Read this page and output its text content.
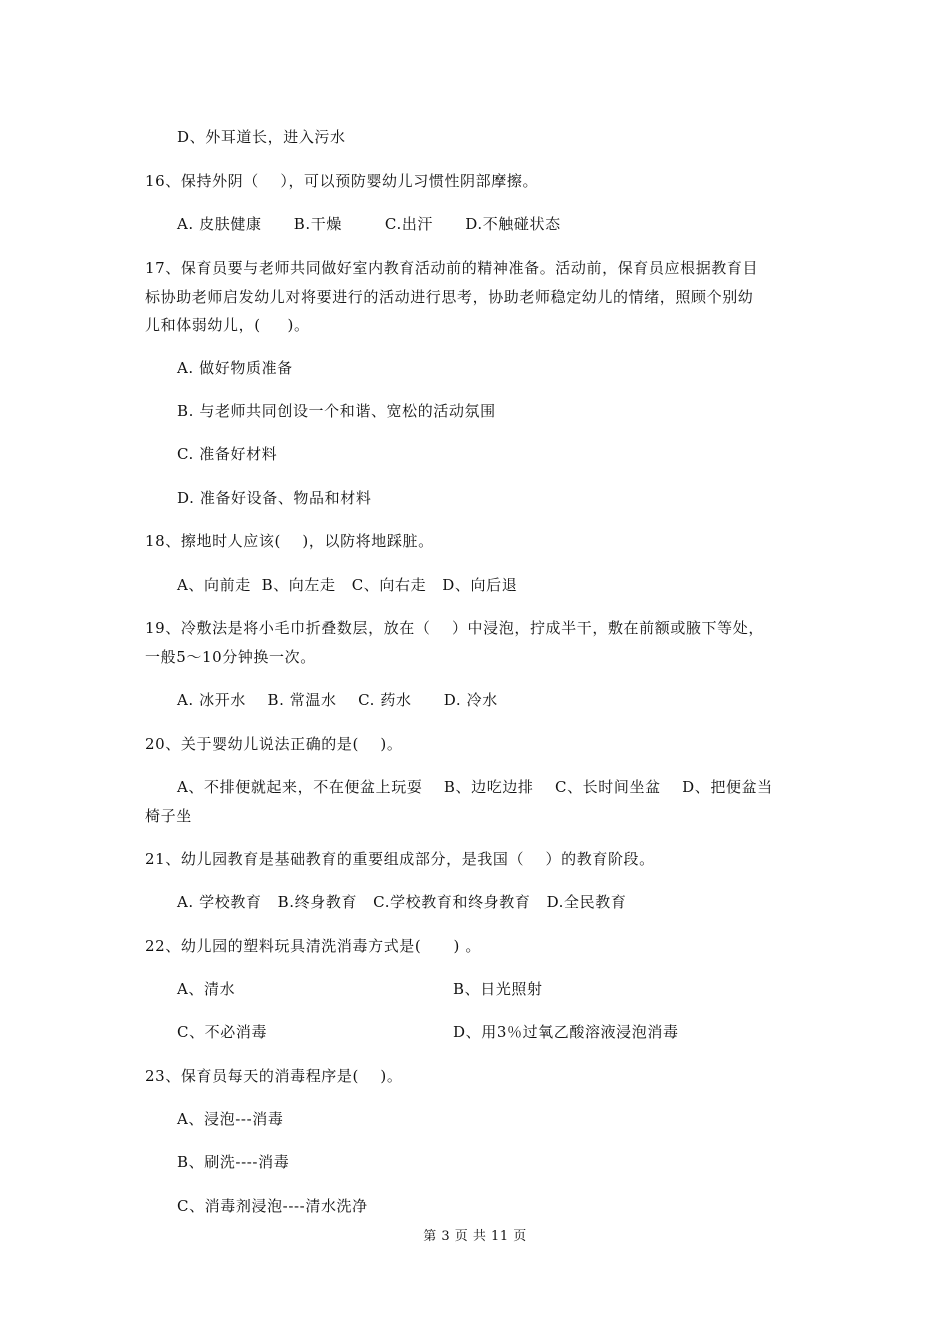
D、外耳道长，进入污水
16、保持外阴（    ），可以预防婴幼儿习惯性阴部摩擦。
A. 皮肤健康      B.干燥        C.出汗      D.不触碰状态
17、保育员要与老师共同做好室内教育活动前的精神准备。活动前，保育员应根据教育目
标协助老师启发幼儿对将要进行的活动进行思考，协助老师稳定幼儿的情绪，照顾个别幼
儿和体弱幼儿，(     )。
A. 做好物质准备
B. 与老师共同创设一个和谐、宽松的活动氛围
C. 准备好材料
D. 准备好设备、物品和材料
18、擦地时人应该(    )，以防将地踩脏。
A、向前走  B、向左走   C、向右走   D、向后退
19、冷敷法是将小毛巾折叠数层，放在（    ）中浸泡，拧成半干，敷在前额或腋下等处，
一般5～10分钟换一次。
A. 冰开水    B. 常温水    C. 药水      D. 冷水
20、关于婴幼儿说法正确的是(    )。
A、不排便就起来，不在便盆上玩耍    B、边吃边排    C、长时间坐盆    D、把便盆当
椅子坐
21、幼儿园教育是基础教育的重要组成部分，是我国（    ）的教育阶段。
A. 学校教育   B.终身教育   C.学校教育和终身教育   D.全民教育
22、幼儿园的塑料玩具清洗消毒方式是(      ) 。
A、清水	B、日光照射
C、不必消毒	D、用3％过氧乙酸溶液浸泡消毒
23、保育员每天的消毒程序是(    )。
A、浸泡---消毒
B、刷洗----消毒
C、消毒剂浸泡----清水洗净
第 3 页 共 11 页
